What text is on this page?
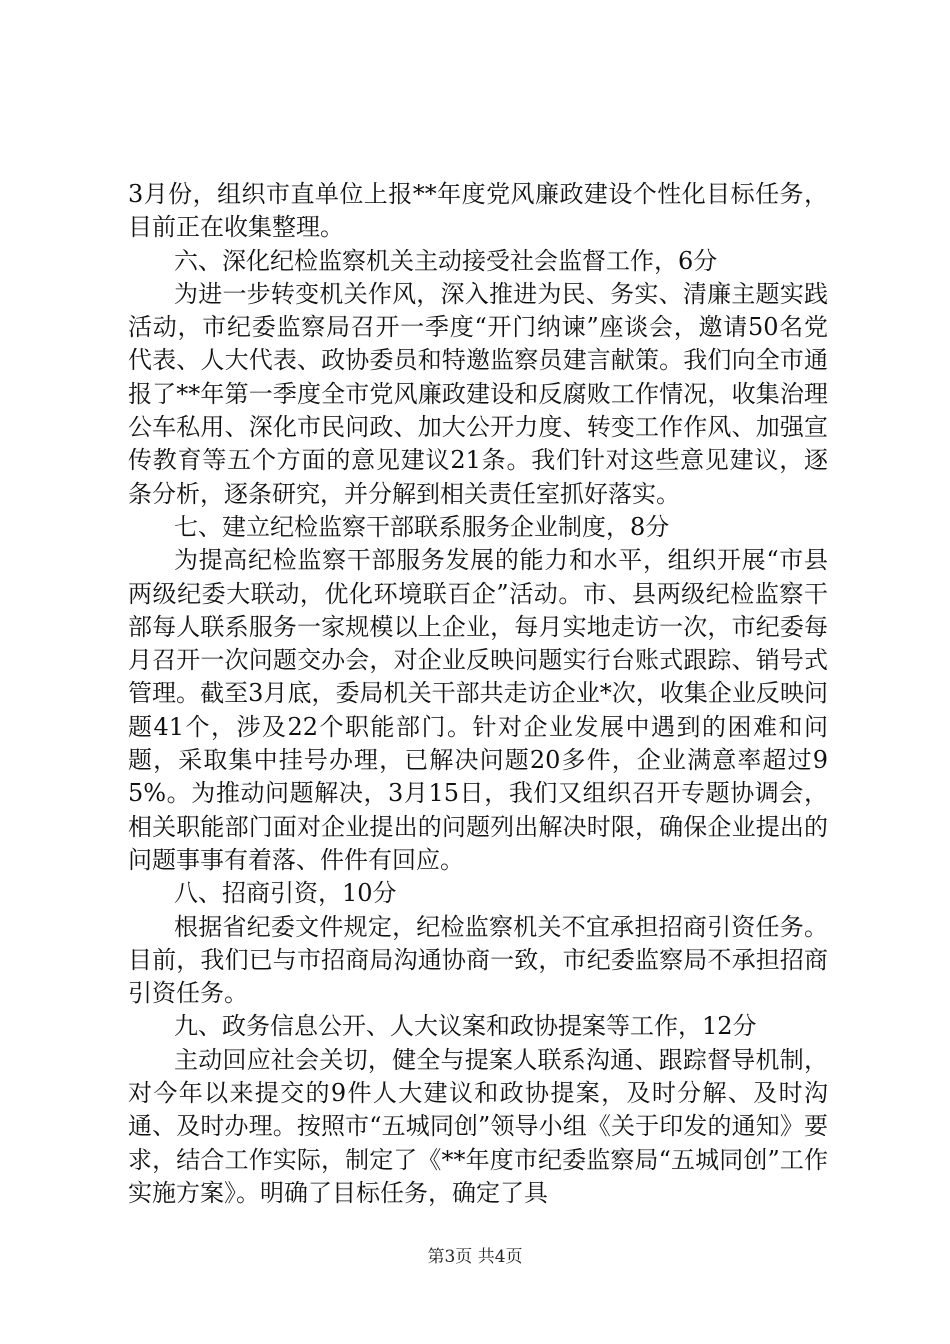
3月份，组织市直单位上报**年度党风廉政建设个性化目标任务，目前正在收集整理。

六、深化纪检监察机关主动接受社会监督工作，6分

为进一步转变机关作风，深入推进为民、务实、清廉主题实践活动，市纪委监察局召开一季度“开门纳谏”座谈会，邀请50名党代表、人大代表、政协委员和特邀监察员建言献策。我们向全市通报了**年第一季度全市党风廉政建设和反腐败工作情况，收集治理公车私用、深化市民问政、加大公开力度、转变工作作风、加强宣传教育等五个方面的意见建议21条。我们针对这些意见建议，逐条分析，逐条研究，并分解到相关责任室抓好落实。

七、建立纪检监察干部联系服务企业制度，8分

为提高纪检监察干部服务发展的能力和水平，组织开展“市县两级纪委大联动，优化环境联百企”活动。市、县两级纪检监察干部每人联系服务一家规模以上企业，每月实地走访一次，市纪委每月召开一次问题交办会，对企业反映问题实行台账式跟踪、销号式管理。截至3月底，委局机关干部共走访企业*次，收集企业反映问题41个，涉及22个职能部门。针对企业发展中遇到的困难和问题，采取集中挂号办理，已解决问题20多件，企业满意率超过95%。为推动问题解决，3月15日，我们又组织召开专题协调会，相关职能部门面对企业提出的问题列出解决时限，确保企业提出的问题事事有着落、件件有回应。

八、招商引资，10分

根据省纪委文件规定，纪检监察机关不宜承担招商引资任务。目前，我们已与市招商局沟通协商一致，市纪委监察局不承担招商引资任务。

九、政务信息公开、人大议案和政协提案等工作，12分

主动回应社会关切，健全与提案人联系沟通、跟踪督导机制，对今年以来提交的9件人大建议和政协提案，及时分解、及时沟通、及时办理。按照市“五城同创”领导小组《关于印发的通知》要求，结合工作实际，制定了《**年度市纪委监察局“五城同创”工作实施方案》。明确了目标任务，确定了具

第3页 共4页
